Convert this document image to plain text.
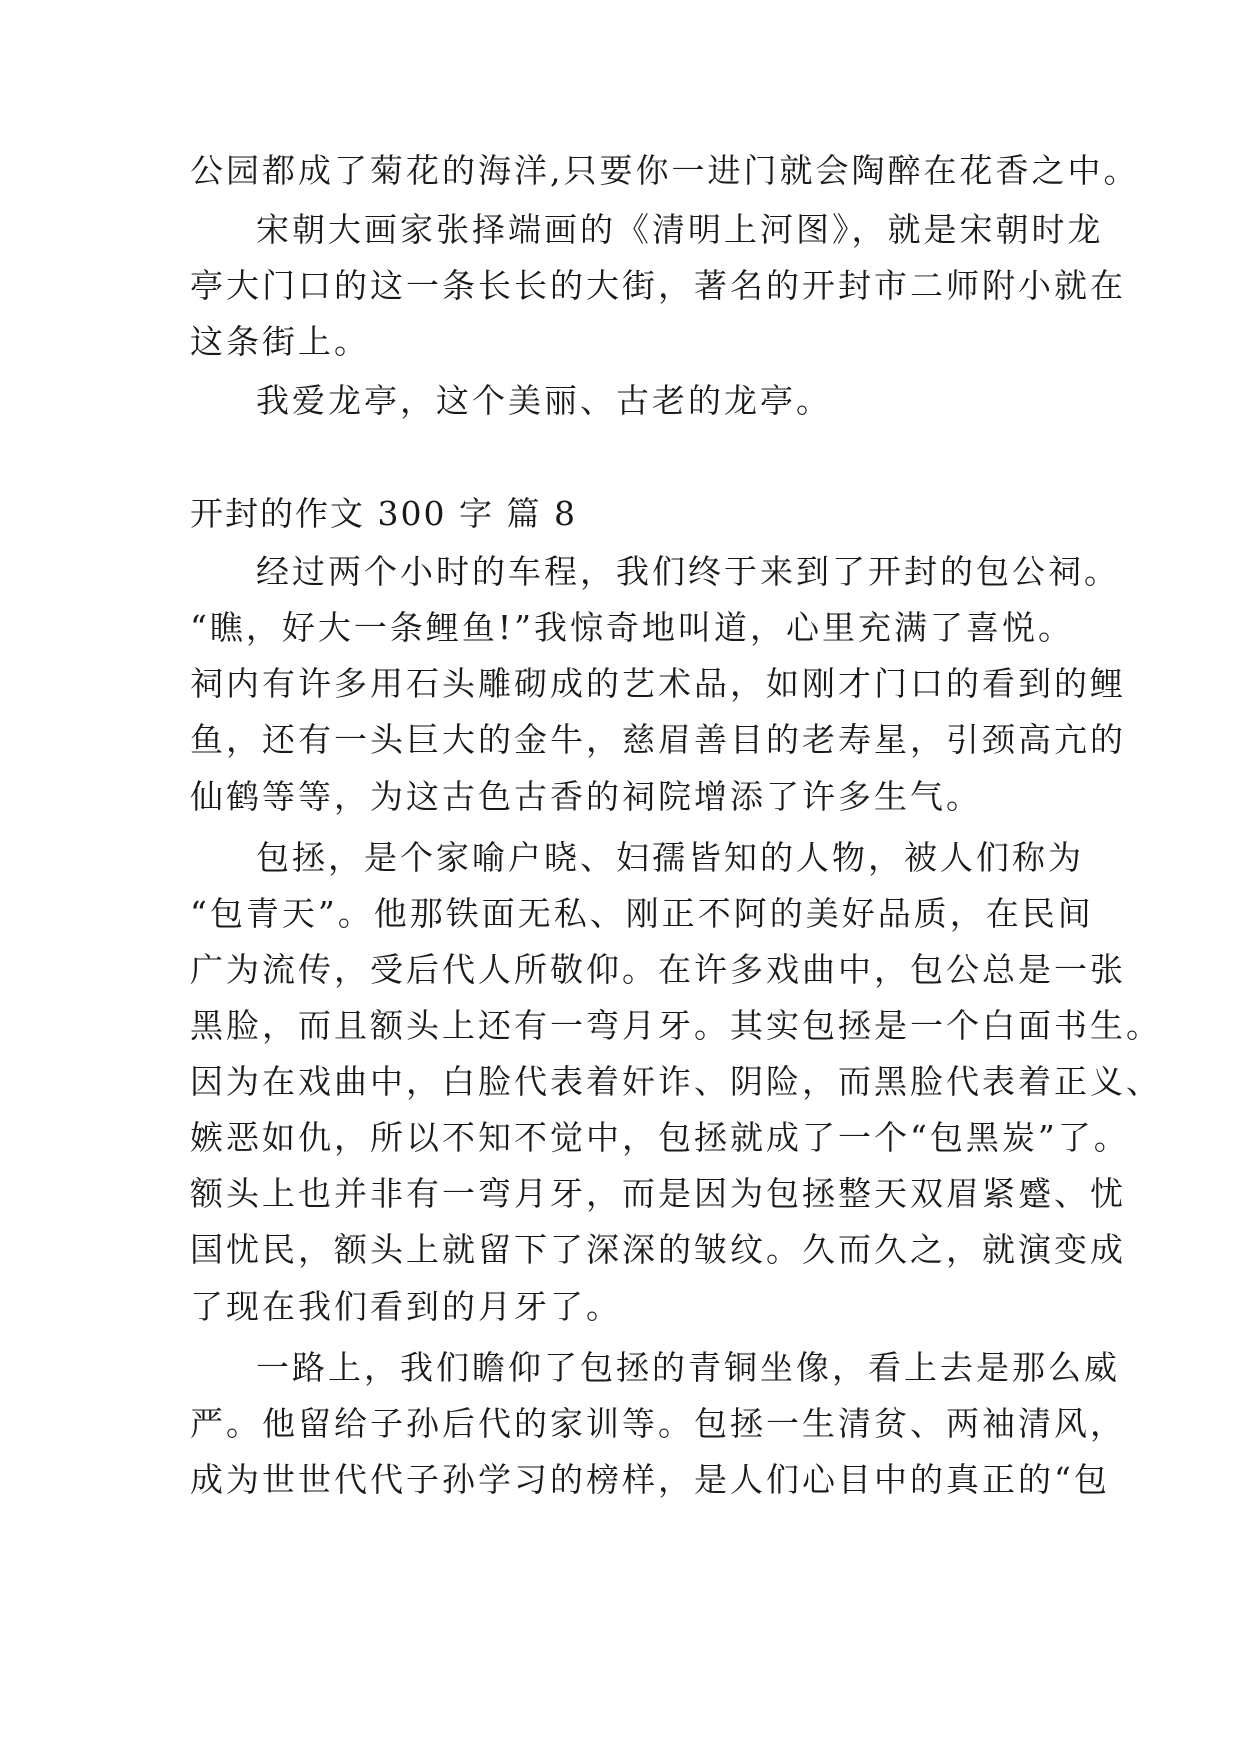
公园都成了菊花的海洋,只要你一进门就会陶醉在花香之中。
宋朝大画家张择端画的《清明上河图》，就是宋朝时龙
亭大门口的这一条长长的大街，著名的开封市二师附小就在
这条街上。
我爱龙亭，这个美丽、古老的龙亭。
开封的作文 300 字 篇 8
经过两个小时的车程，我们终于来到了开封的包公祠。
“瞧，好大一条鲤鱼!”我惊奇地叫道，心里充满了喜悦。
祠内有许多用石头雕砌成的艺术品，如刚才门口的看到的鲤
鱼，还有一头巨大的金牛，慈眉善目的老寿星，引颈高亢的
仙鹤等等，为这古色古香的祠院增添了许多生气。
包拯，是个家喻户晓、妇孺皆知的人物，被人们称为
“包青天”。他那铁面无私、刚正不阿的美好品质，在民间
广为流传，受后代人所敬仰。在许多戏曲中，包公总是一张
黑脸，而且额头上还有一弯月牙。其实包拯是一个白面书生。
因为在戏曲中，白脸代表着奸诈、阴险，而黑脸代表着正义、
嫉恶如仇，所以不知不觉中，包拯就成了一个“包黑炭”了。
额头上也并非有一弯月牙，而是因为包拯整天双眉紧蹙、忧
国忧民，额头上就留下了深深的皱纹。久而久之，就演变成
了现在我们看到的月牙了。
一路上，我们瞻仰了包拯的青铜坐像，看上去是那么威
严。他留给子孙后代的家训等。包拯一生清贫、两袖清风，
成为世世代代子孙学习的榜样，是人们心目中的真正的“包
